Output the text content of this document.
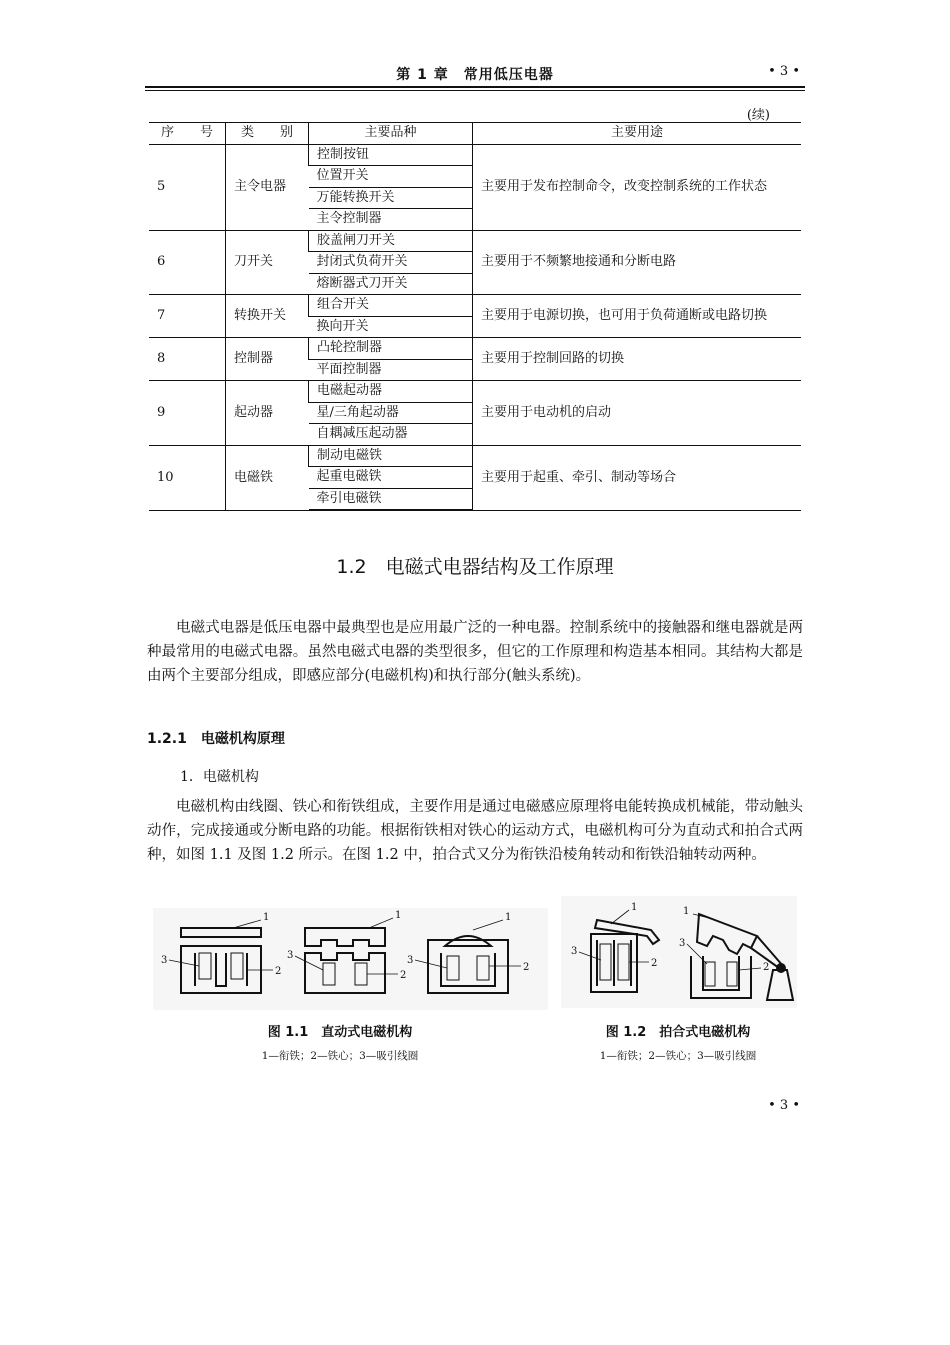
第 1 章　常用低压电器	• 3 •
(续)
序　　号	类　　别	主要品种	主要用途
5	主令电器	控制按钮	主要用于发布控制命令，改变控制系统的工作状态
		位置开关	
		万能转换开关	
		主令控制器	
6	刀开关	胶盖闸刀开关	主要用于不频繁地接通和分断电路
		封闭式负荷开关	
		熔断器式刀开关	
7	转换开关	组合开关	主要用于电源切换，也可用于负荷通断或电路切换
		换向开关	
8	控制器	凸轮控制器	主要用于控制回路的切换
		平面控制器	
9	起动器	电磁起动器	主要用于电动机的启动
		星/三角起动器	
		自耦减压起动器	
10	电磁铁	制动电磁铁	主要用于起重、牵引、制动等场合
		起重电磁铁	
		牵引电磁铁	
1.2　电磁式电器结构及工作原理

电磁式电器是低压电器中最典型也是应用最广泛的一种电器。控制系统中的接触器和继电器就是两种最常用的电磁式电器。虽然电磁式电器的类型很多，但它的工作原理和构造基本相同。其结构大都是由两个主要部分组成，即感应部分(电磁机构)和执行部分(触头系统)。

1.2.1　电磁机构原理
1．电磁机构

电磁机构由线圈、铁心和衔铁组成，主要作用是通过电磁感应原理将电能转换成机械能，带动触头动作，完成接通或分断电路的功能。根据衔铁相对铁心的运动方式，电磁机构可分为直动式和拍合式两种，如图 1.1 及图 1.2 所示。在图 1.2 中，拍合式又分为衔铁沿棱角转动和衔铁沿轴转动两种。

1
2
3
1
2
3
1
2
3
1
2
3
1
2
3
图 1.1　直动式电磁机构
1—衔铁；2—铁心；3—吸引线圈
图 1.2　拍合式电磁机构
1—衔铁；2—铁心；3—吸引线圈
• 3 •
